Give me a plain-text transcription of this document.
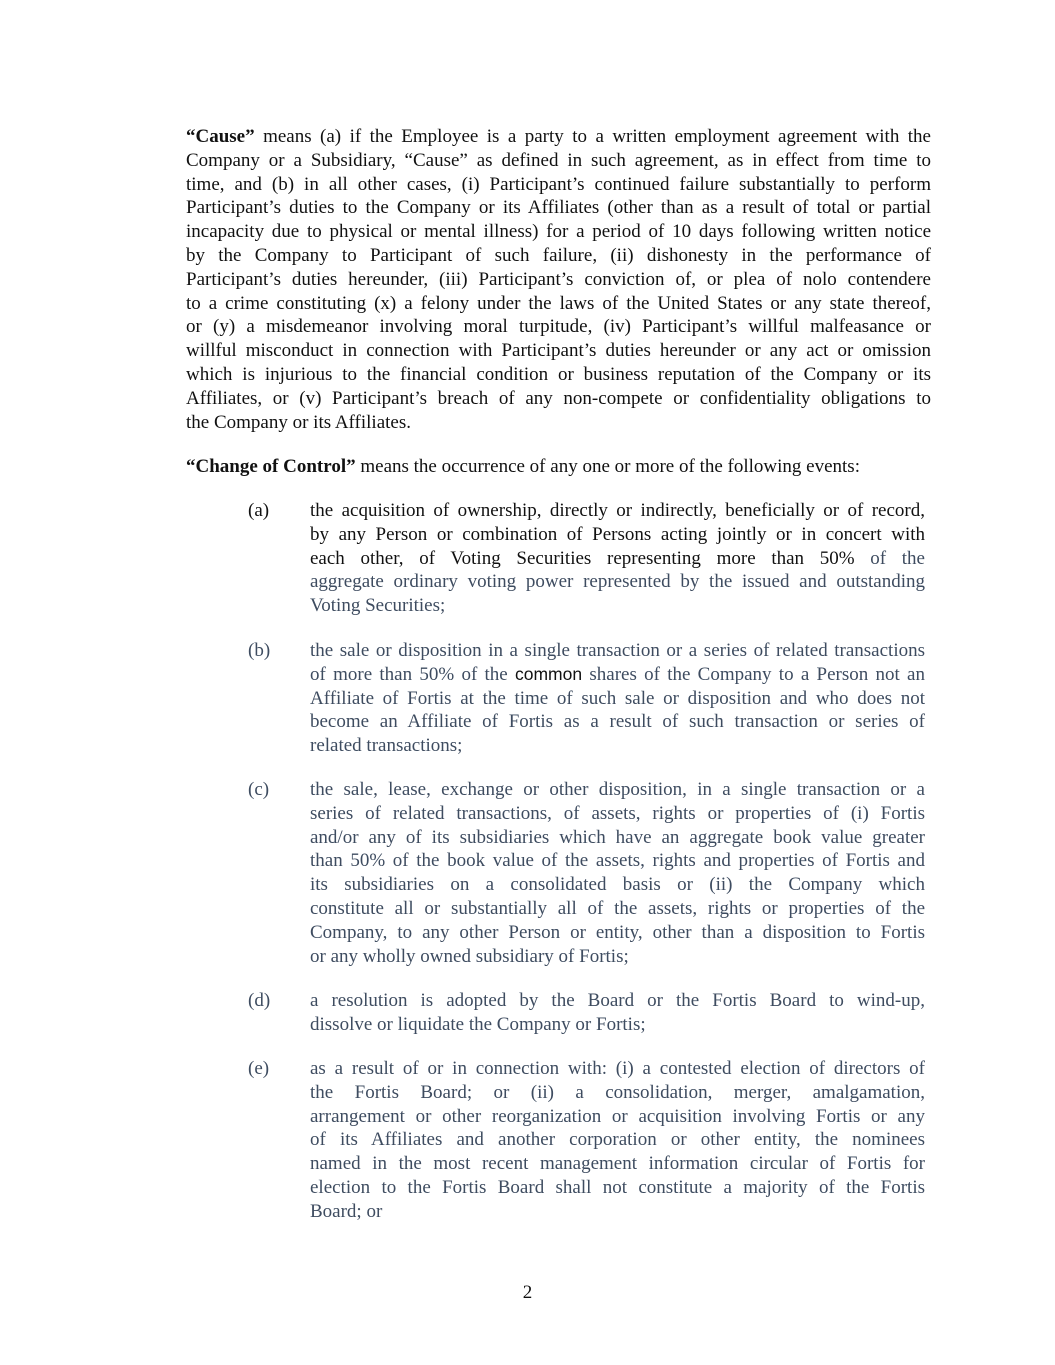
“Cause” means (a) if the Employee is a party to a written employment agreement with the
Company or a Subsidiary, “Cause” as defined in such agreement, as in effect from time to
time, and (b) in all other cases, (i) Participant’s continued failure substantially to perform
Participant’s duties to the Company or its Affiliates (other than as a result of total or partial
incapacity due to physical or mental illness) for a period of 10 days following written notice
by the Company to Participant of such failure, (ii) dishonesty in the performance of
Participant’s duties hereunder, (iii) Participant’s conviction of, or plea of nolo contendere
to a crime constituting (x) a felony under the laws of the United States or any state thereof,
or (y) a misdemeanor involving moral turpitude, (iv) Participant’s willful malfeasance or
willful misconduct in connection with Participant’s duties hereunder or any act or omission
which is injurious to the financial condition or business reputation of the Company or its
Affiliates, or (v) Participant’s breach of any non-compete or confidentiality obligations to
the Company or its Affiliates.
“Change of Control” means the occurrence of any one or more of the following events:
(a) the acquisition of ownership, directly or indirectly, beneficially or of record,
by any Person or combination of Persons acting jointly or in concert with
each other, of Voting Securities representing more than 50% of the
aggregate ordinary voting power represented by the issued and outstanding
Voting Securities;
(b) the sale or disposition in a single transaction or a series of related transactions
of more than 50% of the common shares of the Company to a Person not an
Affiliate of Fortis at the time of such sale or disposition and who does not
become an Affiliate of Fortis as a result of such transaction or series of
related transactions;
(c) the sale, lease, exchange or other disposition, in a single transaction or a
series of related transactions, of assets, rights or properties of (i) Fortis
and/or any of its subsidiaries which have an aggregate book value greater
than 50% of the book value of the assets, rights and properties of Fortis and
its subsidiaries on a consolidated basis or (ii) the Company which
constitute all or substantially all of the assets, rights or properties of the
Company, to any other Person or entity, other than a disposition to Fortis
or any wholly owned subsidiary of Fortis;
(d) a resolution is adopted by the Board or the Fortis Board to wind-up,
dissolve or liquidate the Company or Fortis;
(e) as a result of or in connection with: (i) a contested election of directors of
the Fortis Board; or (ii) a consolidation, merger, amalgamation,
arrangement or other reorganization or acquisition involving Fortis or any
of its Affiliates and another corporation or other entity, the nominees
named in the most recent management information circular of Fortis for
election to the Fortis Board shall not constitute a majority of the Fortis
Board; or
2
